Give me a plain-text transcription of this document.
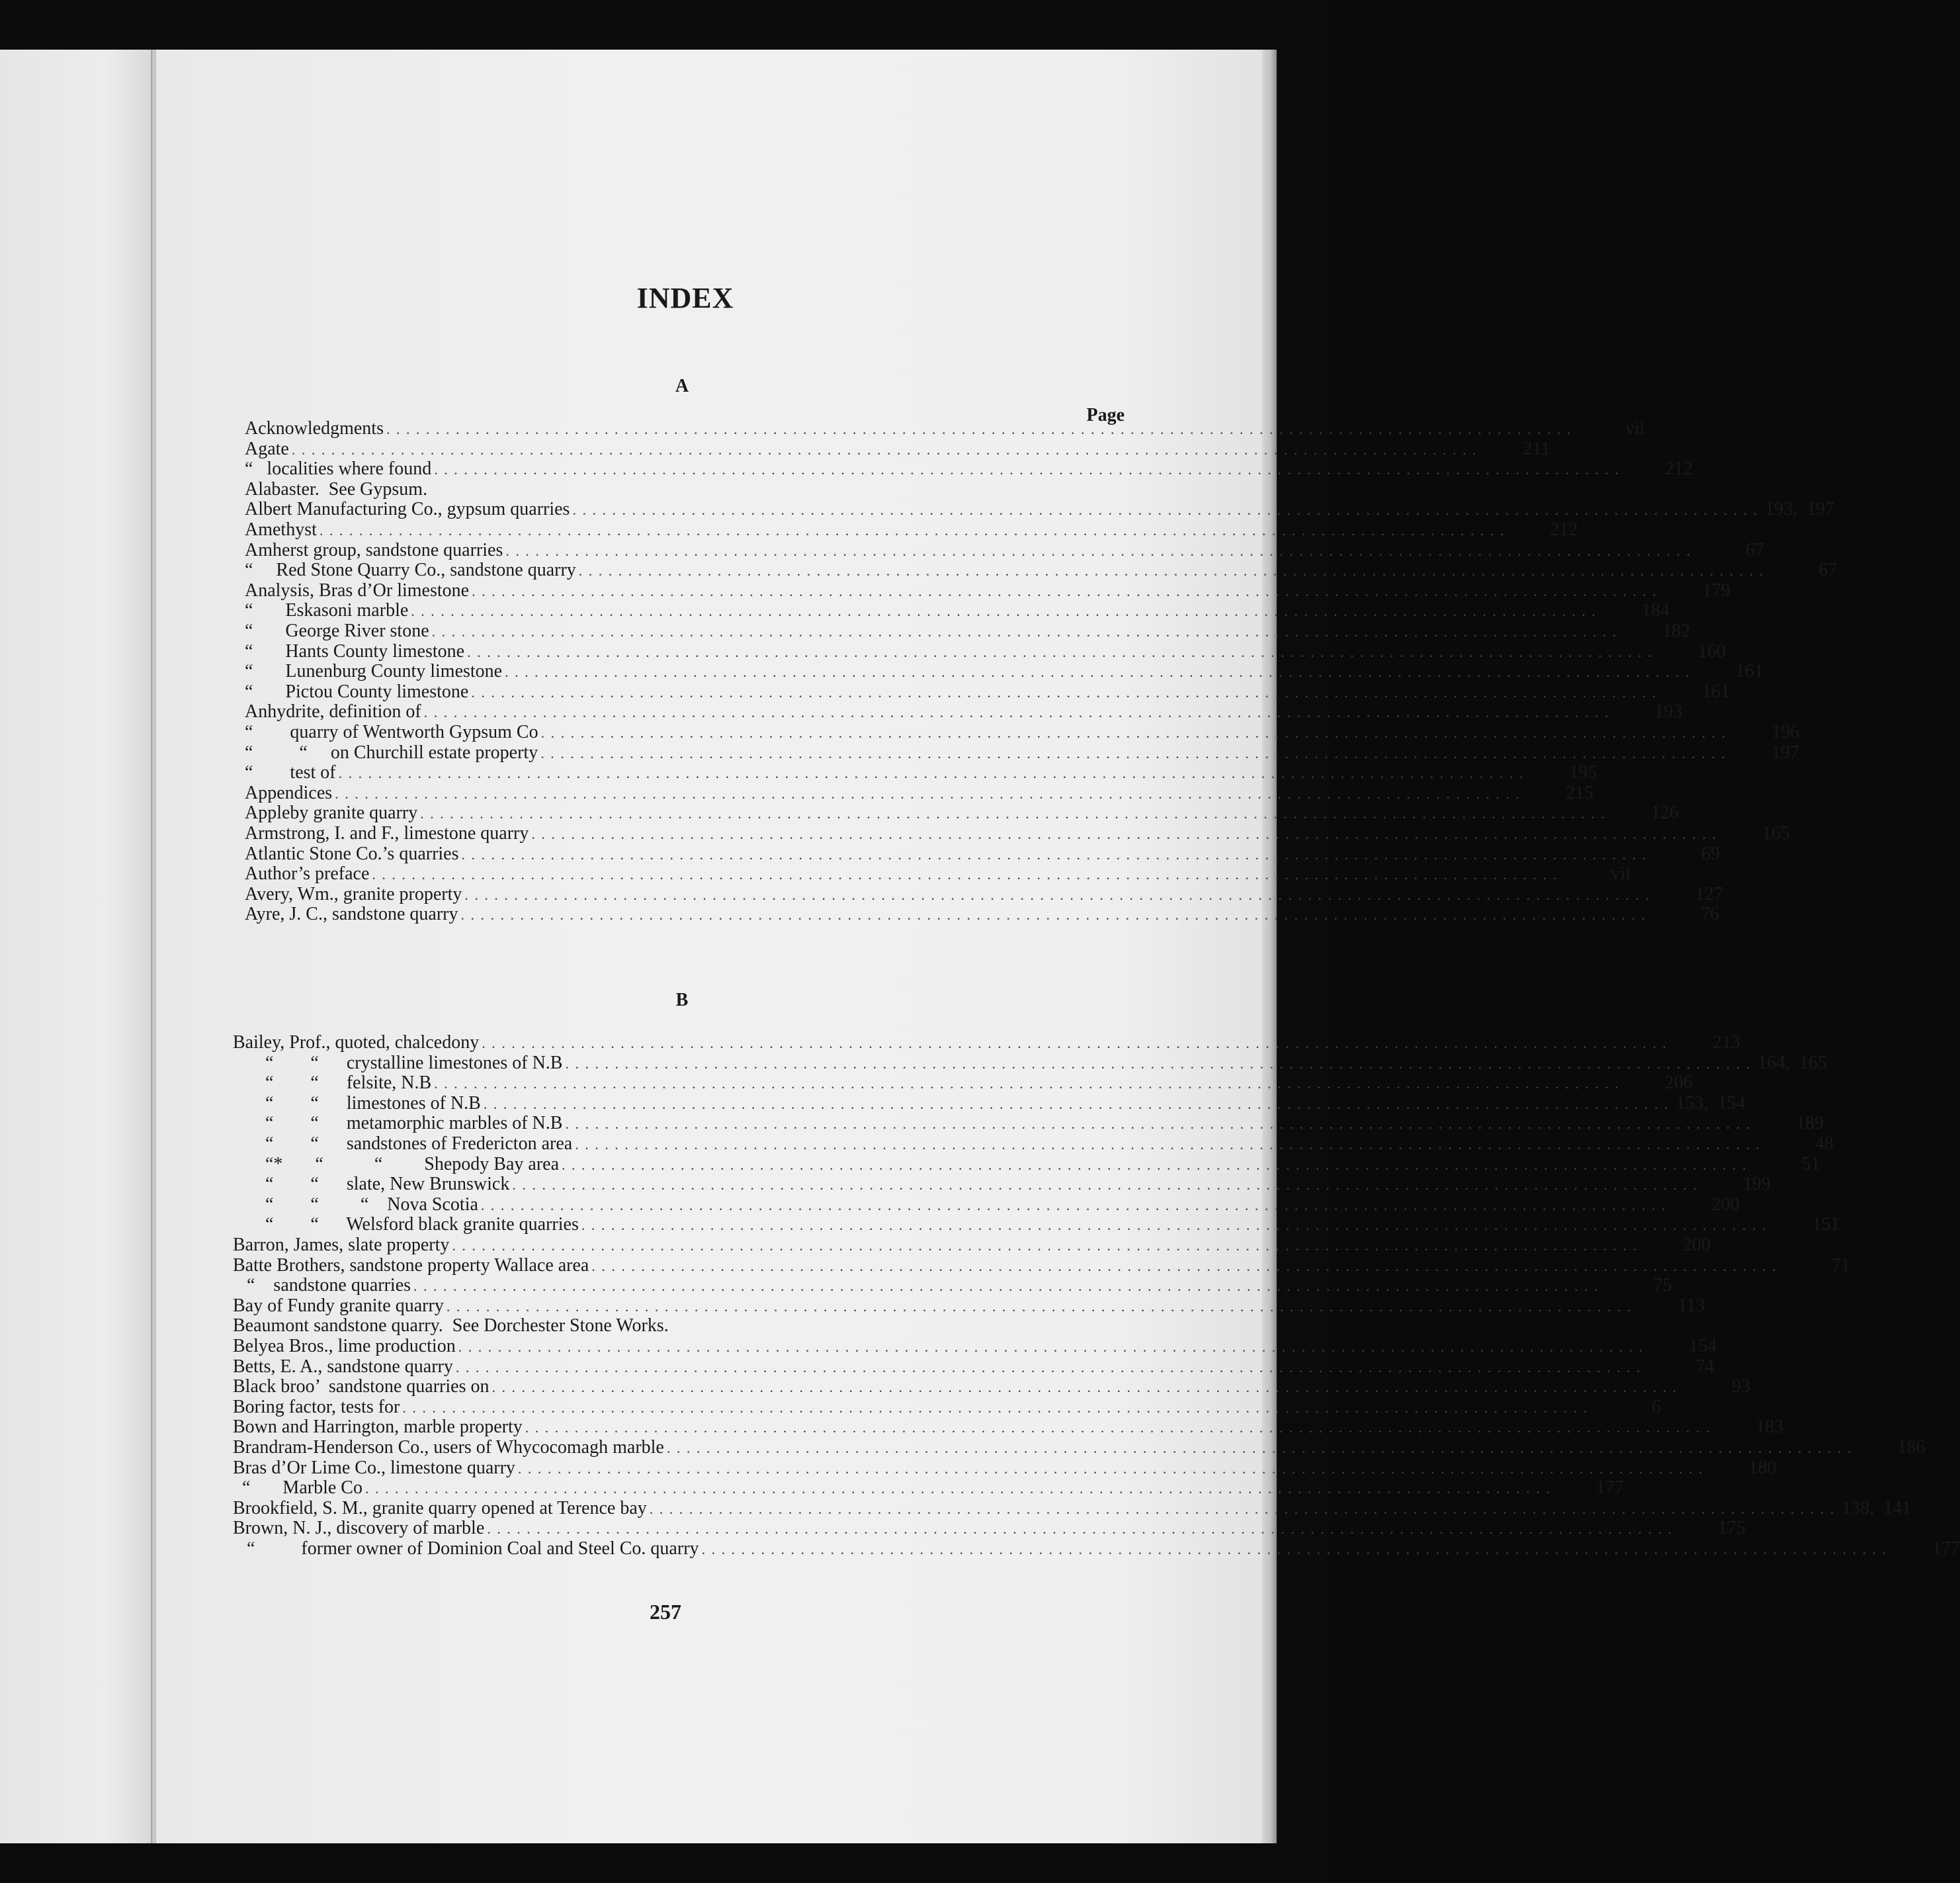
INDEX
A
Page
B
Acknowledgments . . . . . . . . . . . . . . . . . . . . . . . . . . . . . . . . . . . . . . . . . . . . . . . . . . . . . . . . . . . . . . . . . . . . . . . . . . . . . . . . . . . . . . . . . . . . . . . . . . . . . . . . . . . . . . . . . . . . . . . .	vii
Agate . . . . . . . . . . . . . . . . . . . . . . . . . . . . . . . . . . . . . . . . . . . . . . . . . . . . . . . . . . . . . . . . . . . . . . . . . . . . . . . . . . . . . . . . . . . . . . . . . . . . . . . . . . . . . . . . . . . . . . . .	211
“   localities where found . . . . . . . . . . . . . . . . . . . . . . . . . . . . . . . . . . . . . . . . . . . . . . . . . . . . . . . . . . . . . . . . . . . . . . . . . . . . . . . . . . . . . . . . . . . . . . . . . . . . . . . . . . . . . . . . . . . . . . . .	212
Alabaster.  See Gypsum.
Albert Manufacturing Co., gypsum quarries . . . . . . . . . . . . . . . . . . . . . . . . . . . . . . . . . . . . . . . . . . . . . . . . . . . . . . . . . . . . . . . . . . . . . . . . . . . . . . . . . . . . . . . . . . . . . . . . . . . . . . . . . . . . . . . . . . . . . . . . 193,  197
Amethyst . . . . . . . . . . . . . . . . . . . . . . . . . . . . . . . . . . . . . . . . . . . . . . . . . . . . . . . . . . . . . . . . . . . . . . . . . . . . . . . . . . . . . . . . . . . . . . . . . . . . . . . . . . . . . . . . . . . . . . . .	212
Amherst group, sandstone quarries . . . . . . . . . . . . . . . . . . . . . . . . . . . . . . . . . . . . . . . . . . . . . . . . . . . . . . . . . . . . . . . . . . . . . . . . . . . . . . . . . . . . . . . . . . . . . . . . . . . . . . . . . . . . . . . . . . . . . . . .	67
“     Red Stone Quarry Co., sandstone quarry . . . . . . . . . . . . . . . . . . . . . . . . . . . . . . . . . . . . . . . . . . . . . . . . . . . . . . . . . . . . . . . . . . . . . . . . . . . . . . . . . . . . . . . . . . . . . . . . . . . . . . . . . . . . . . . . . . . . . . . .	67
Analysis, Bras d’Or limestone . . . . . . . . . . . . . . . . . . . . . . . . . . . . . . . . . . . . . . . . . . . . . . . . . . . . . . . . . . . . . . . . . . . . . . . . . . . . . . . . . . . . . . . . . . . . . . . . . . . . . . . . . . . . . . . . . . . . . . . .	179
“       Eskasoni marble . . . . . . . . . . . . . . . . . . . . . . . . . . . . . . . . . . . . . . . . . . . . . . . . . . . . . . . . . . . . . . . . . . . . . . . . . . . . . . . . . . . . . . . . . . . . . . . . . . . . . . . . . . . . . . . . . . . . . . . .	184
“       George River stone . . . . . . . . . . . . . . . . . . . . . . . . . . . . . . . . . . . . . . . . . . . . . . . . . . . . . . . . . . . . . . . . . . . . . . . . . . . . . . . . . . . . . . . . . . . . . . . . . . . . . . . . . . . . . . . . . . . . . . . .	182
“       Hants County limestone . . . . . . . . . . . . . . . . . . . . . . . . . . . . . . . . . . . . . . . . . . . . . . . . . . . . . . . . . . . . . . . . . . . . . . . . . . . . . . . . . . . . . . . . . . . . . . . . . . . . . . . . . . . . . . . . . . . . . . . .	160
“       Lunenburg County limestone . . . . . . . . . . . . . . . . . . . . . . . . . . . . . . . . . . . . . . . . . . . . . . . . . . . . . . . . . . . . . . . . . . . . . . . . . . . . . . . . . . . . . . . . . . . . . . . . . . . . . . . . . . . . . . . . . . . . . . . .	161
“       Pictou County limestone . . . . . . . . . . . . . . . . . . . . . . . . . . . . . . . . . . . . . . . . . . . . . . . . . . . . . . . . . . . . . . . . . . . . . . . . . . . . . . . . . . . . . . . . . . . . . . . . . . . . . . . . . . . . . . . . . . . . . . . .	161
Anhydrite, definition of . . . . . . . . . . . . . . . . . . . . . . . . . . . . . . . . . . . . . . . . . . . . . . . . . . . . . . . . . . . . . . . . . . . . . . . . . . . . . . . . . . . . . . . . . . . . . . . . . . . . . . . . . . . . . . . . . . . . . . . .	193
“        quarry of Wentworth Gypsum Co . . . . . . . . . . . . . . . . . . . . . . . . . . . . . . . . . . . . . . . . . . . . . . . . . . . . . . . . . . . . . . . . . . . . . . . . . . . . . . . . . . . . . . . . . . . . . . . . . . . . . . . . . . . . . . . . . . . . . . . .	196
“          “     on Churchill estate property . . . . . . . . . . . . . . . . . . . . . . . . . . . . . . . . . . . . . . . . . . . . . . . . . . . . . . . . . . . . . . . . . . . . . . . . . . . . . . . . . . . . . . . . . . . . . . . . . . . . . . . . . . . . . . . . . . . . . . . .	197
“        test of . . . . . . . . . . . . . . . . . . . . . . . . . . . . . . . . . . . . . . . . . . . . . . . . . . . . . . . . . . . . . . . . . . . . . . . . . . . . . . . . . . . . . . . . . . . . . . . . . . . . . . . . . . . . . . . . . . . . . . . .	195
Appendices . . . . . . . . . . . . . . . . . . . . . . . . . . . . . . . . . . . . . . . . . . . . . . . . . . . . . . . . . . . . . . . . . . . . . . . . . . . . . . . . . . . . . . . . . . . . . . . . . . . . . . . . . . . . . . . . . . . . . . . .	215
Appleby granite quarry . . . . . . . . . . . . . . . . . . . . . . . . . . . . . . . . . . . . . . . . . . . . . . . . . . . . . . . . . . . . . . . . . . . . . . . . . . . . . . . . . . . . . . . . . . . . . . . . . . . . . . . . . . . . . . . . . . . . . . . .	126
Armstrong, I. and F., limestone quarry . . . . . . . . . . . . . . . . . . . . . . . . . . . . . . . . . . . . . . . . . . . . . . . . . . . . . . . . . . . . . . . . . . . . . . . . . . . . . . . . . . . . . . . . . . . . . . . . . . . . . . . . . . . . . . . . . . . . . . . .	165
Atlantic Stone Co.’s quarries . . . . . . . . . . . . . . . . . . . . . . . . . . . . . . . . . . . . . . . . . . . . . . . . . . . . . . . . . . . . . . . . . . . . . . . . . . . . . . . . . . . . . . . . . . . . . . . . . . . . . . . . . . . . . . . . . . . . . . . .	69
Author’s preface . . . . . . . . . . . . . . . . . . . . . . . . . . . . . . . . . . . . . . . . . . . . . . . . . . . . . . . . . . . . . . . . . . . . . . . . . . . . . . . . . . . . . . . . . . . . . . . . . . . . . . . . . . . . . . . . . . . . . . . .	vii
Avery, Wm., granite property . . . . . . . . . . . . . . . . . . . . . . . . . . . . . . . . . . . . . . . . . . . . . . . . . . . . . . . . . . . . . . . . . . . . . . . . . . . . . . . . . . . . . . . . . . . . . . . . . . . . . . . . . . . . . . . . . . . . . . . .	127
Ayre, J. C., sandstone quarry . . . . . . . . . . . . . . . . . . . . . . . . . . . . . . . . . . . . . . . . . . . . . . . . . . . . . . . . . . . . . . . . . . . . . . . . . . . . . . . . . . . . . . . . . . . . . . . . . . . . . . . . . . . . . . . . . . . . . . . .	76
Bailey, Prof., quoted, chalcedony . . . . . . . . . . . . . . . . . . . . . . . . . . . . . . . . . . . . . . . . . . . . . . . . . . . . . . . . . . . . . . . . . . . . . . . . . . . . . . . . . . . . . . . . . . . . . . . . . . . . . . . . . . . . . . . . . . . . . . . .	213
“        “      crystalline limestones of N.B . . . . . . . . . . . . . . . . . . . . . . . . . . . . . . . . . . . . . . . . . . . . . . . . . . . . . . . . . . . . . . . . . . . . . . . . . . . . . . . . . . . . . . . . . . . . . . . . . . . . . . . . . . . . . . . . . . . . . . . . 164,  165
“        “      felsite, N.B . . . . . . . . . . . . . . . . . . . . . . . . . . . . . . . . . . . . . . . . . . . . . . . . . . . . . . . . . . . . . . . . . . . . . . . . . . . . . . . . . . . . . . . . . . . . . . . . . . . . . . . . . . . . . . . . . . . . . . . .	206
“        “      limestones of N.B . . . . . . . . . . . . . . . . . . . . . . . . . . . . . . . . . . . . . . . . . . . . . . . . . . . . . . . . . . . . . . . . . . . . . . . . . . . . . . . . . . . . . . . . . . . . . . . . . . . . . . . . . . . . . . . . . . . . . . . . 153,  154
“        “      metamorphic marbles of N.B . . . . . . . . . . . . . . . . . . . . . . . . . . . . . . . . . . . . . . . . . . . . . . . . . . . . . . . . . . . . . . . . . . . . . . . . . . . . . . . . . . . . . . . . . . . . . . . . . . . . . . . . . . . . . . . . . . . . . . . .	189
“        “      sandstones of Fredericton area . . . . . . . . . . . . . . . . . . . . . . . . . . . . . . . . . . . . . . . . . . . . . . . . . . . . . . . . . . . . . . . . . . . . . . . . . . . . . . . . . . . . . . . . . . . . . . . . . . . . . . . . . . . . . . . . . . . . . . . .	48
“*       “           “         Shepody Bay area . . . . . . . . . . . . . . . . . . . . . . . . . . . . . . . . . . . . . . . . . . . . . . . . . . . . . . . . . . . . . . . . . . . . . . . . . . . . . . . . . . . . . . . . . . . . . . . . . . . . . . . . . . . . . . . . . . . . . . . .	51
“        “      slate, New Brunswick . . . . . . . . . . . . . . . . . . . . . . . . . . . . . . . . . . . . . . . . . . . . . . . . . . . . . . . . . . . . . . . . . . . . . . . . . . . . . . . . . . . . . . . . . . . . . . . . . . . . . . . . . . . . . . . . . . . . . . . .	199
“        “         “    Nova Scotia . . . . . . . . . . . . . . . . . . . . . . . . . . . . . . . . . . . . . . . . . . . . . . . . . . . . . . . . . . . . . . . . . . . . . . . . . . . . . . . . . . . . . . . . . . . . . . . . . . . . . . . . . . . . . . . . . . . . . . . .	200
“        “      Welsford black granite quarries . . . . . . . . . . . . . . . . . . . . . . . . . . . . . . . . . . . . . . . . . . . . . . . . . . . . . . . . . . . . . . . . . . . . . . . . . . . . . . . . . . . . . . . . . . . . . . . . . . . . . . . . . . . . . . . . . . . . . . . .	151
Barron, James, slate property . . . . . . . . . . . . . . . . . . . . . . . . . . . . . . . . . . . . . . . . . . . . . . . . . . . . . . . . . . . . . . . . . . . . . . . . . . . . . . . . . . . . . . . . . . . . . . . . . . . . . . . . . . . . . . . . . . . . . . . .	200
Batte Brothers, sandstone property Wallace area . . . . . . . . . . . . . . . . . . . . . . . . . . . . . . . . . . . . . . . . . . . . . . . . . . . . . . . . . . . . . . . . . . . . . . . . . . . . . . . . . . . . . . . . . . . . . . . . . . . . . . . . . . . . . . . . . . . . . . . .	71
“    sandstone quarries . . . . . . . . . . . . . . . . . . . . . . . . . . . . . . . . . . . . . . . . . . . . . . . . . . . . . . . . . . . . . . . . . . . . . . . . . . . . . . . . . . . . . . . . . . . . . . . . . . . . . . . . . . . . . . . . . . . . . . . .	75
Bay of Fundy granite quarry . . . . . . . . . . . . . . . . . . . . . . . . . . . . . . . . . . . . . . . . . . . . . . . . . . . . . . . . . . . . . . . . . . . . . . . . . . . . . . . . . . . . . . . . . . . . . . . . . . . . . . . . . . . . . . . . . . . . . . . .	113
Beaumont sandstone quarry.  See Dorchester Stone Works.
Belyea Bros., lime production . . . . . . . . . . . . . . . . . . . . . . . . . . . . . . . . . . . . . . . . . . . . . . . . . . . . . . . . . . . . . . . . . . . . . . . . . . . . . . . . . . . . . . . . . . . . . . . . . . . . . . . . . . . . . . . . . . . . . . . .	154
Betts, E. A., sandstone quarry . . . . . . . . . . . . . . . . . . . . . . . . . . . . . . . . . . . . . . . . . . . . . . . . . . . . . . . . . . . . . . . . . . . . . . . . . . . . . . . . . . . . . . . . . . . . . . . . . . . . . . . . . . . . . . . . . . . . . . . .	74
Black broo’  sandstone quarries on . . . . . . . . . . . . . . . . . . . . . . . . . . . . . . . . . . . . . . . . . . . . . . . . . . . . . . . . . . . . . . . . . . . . . . . . . . . . . . . . . . . . . . . . . . . . . . . . . . . . . . . . . . . . . . . . . . . . . . . .	93
Boring factor, tests for . . . . . . . . . . . . . . . . . . . . . . . . . . . . . . . . . . . . . . . . . . . . . . . . . . . . . . . . . . . . . . . . . . . . . . . . . . . . . . . . . . . . . . . . . . . . . . . . . . . . . . . . . . . . . . . . . . . . . . . .	6
Bown and Harrington, marble property . . . . . . . . . . . . . . . . . . . . . . . . . . . . . . . . . . . . . . . . . . . . . . . . . . . . . . . . . . . . . . . . . . . . . . . . . . . . . . . . . . . . . . . . . . . . . . . . . . . . . . . . . . . . . . . . . . . . . . . .	183
Brandram-Henderson Co., users of Whycocomagh marble . . . . . . . . . . . . . . . . . . . . . . . . . . . . . . . . . . . . . . . . . . . . . . . . . . . . . . . . . . . . . . . . . . . . . . . . . . . . . . . . . . . . . . . . . . . . . . . . . . . . . . . . . . . . . . . . . . . . . . . .	186
Bras d’Or Lime Co., limestone quarry . . . . . . . . . . . . . . . . . . . . . . . . . . . . . . . . . . . . . . . . . . . . . . . . . . . . . . . . . . . . . . . . . . . . . . . . . . . . . . . . . . . . . . . . . . . . . . . . . . . . . . . . . . . . . . . . . . . . . . . .	180
“       Marble Co . . . . . . . . . . . . . . . . . . . . . . . . . . . . . . . . . . . . . . . . . . . . . . . . . . . . . . . . . . . . . . . . . . . . . . . . . . . . . . . . . . . . . . . . . . . . . . . . . . . . . . . . . . . . . . . . . . . . . . . .	177
Brookfield, S. M., granite quarry opened at Terence bay . . . . . . . . . . . . . . . . . . . . . . . . . . . . . . . . . . . . . . . . . . . . . . . . . . . . . . . . . . . . . . . . . . . . . . . . . . . . . . . . . . . . . . . . . . . . . . . . . . . . . . . . . . . . . . . . . . . . . . . . 138,  141
Brown, N. J., discovery of marble . . . . . . . . . . . . . . . . . . . . . . . . . . . . . . . . . . . . . . . . . . . . . . . . . . . . . . . . . . . . . . . . . . . . . . . . . . . . . . . . . . . . . . . . . . . . . . . . . . . . . . . . . . . . . . . . . . . . . . . .	175
“          former owner of Dominion Coal and Steel Co. quarry . . . . . . . . . . . . . . . . . . . . . . . . . . . . . . . . . . . . . . . . . . . . . . . . . . . . . . . . . . . . . . . . . . . . . . . . . . . . . . . . . . . . . . . . . . . . . . . . . . . . . . . . . . . . . . . . . . . . . . . .	177
257
